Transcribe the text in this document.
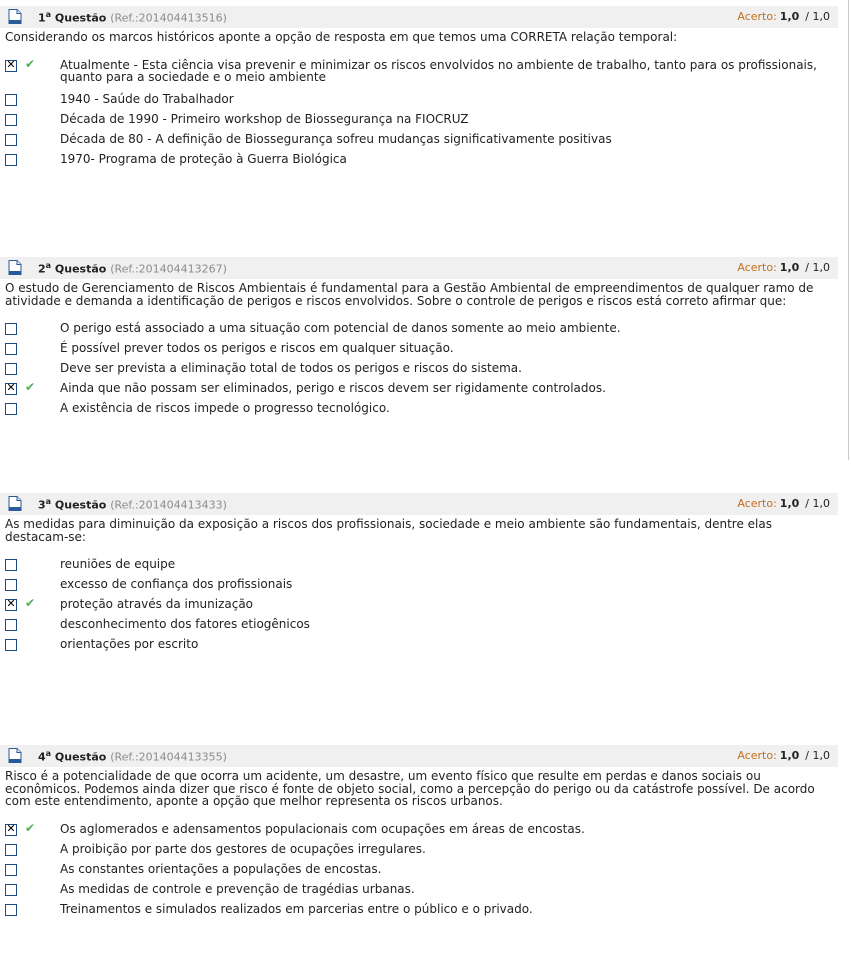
1$^a$ Questão (Ref.:201404413516)	Acerto: 1,0 / 1,0
Considerando os marcos históricos aponte a opção de resposta em que temos uma CORRETA relação temporal:
✕
✔ Atualmente - Esta ciência visa prevenir e minimizar os riscos envolvidos no ambiente de trabalho, tanto para os profissionais, quanto para a sociedade e o meio ambiente
1940 - Saúde do Trabalhador
Década de 1990 - Primeiro workshop de Biossegurança na FIOCRUZ
Década de 80 - A definição de Biossegurança sofreu mudanças significativamente positivas
1970- Programa de proteção à Guerra Biológica
2$^a$ Questão (Ref.:201404413267)	Acerto: 1,0 / 1,0
O estudo de Gerenciamento de Riscos Ambientais é fundamental para a Gestão Ambiental de empreendimentos de qualquer ramo de atividade e demanda a identificação de perigos e riscos envolvidos. Sobre o controle de perigos e riscos está correto afirmar que:
O perigo está associado a uma situação com potencial de danos somente ao meio ambiente.
É possível prever todos os perigos e riscos em qualquer situação.
Deve ser prevista a eliminação total de todos os perigos e riscos do sistema.
✕
✔ Ainda que não possam ser eliminados, perigo e riscos devem ser rigidamente controlados.
A existência de riscos impede o progresso tecnológico.
3$^a$ Questão (Ref.:201404413433)	Acerto: 1,0 / 1,0
As medidas para diminuição da exposição a riscos dos profissionais, sociedade e meio ambiente são fundamentais, dentre elas destacam-se:
reuniões de equipe
excesso de confiança dos profissionais
✕
✔ proteção através da imunização
desconhecimento dos fatores etiogênicos
orientações por escrito
4$^a$ Questão (Ref.:201404413355)	Acerto: 1,0 / 1,0
Risco é a potencialidade de que ocorra um acidente, um desastre, um evento físico que resulte em perdas e danos sociais ou econômicos. Podemos ainda dizer que risco é fonte de objeto social, como a percepção do perigo ou da catástrofe possível. De acordo com este entendimento, aponte a opção que melhor representa os riscos urbanos.
✕
✔ Os aglomerados e adensamentos populacionais com ocupações em áreas de encostas.
A proibição por parte dos gestores de ocupações irregulares.
As constantes orientações a populações de encostas.
As medidas de controle e prevenção de tragédias urbanas.
Treinamentos e simulados realizados em parcerias entre o público e o privado.
